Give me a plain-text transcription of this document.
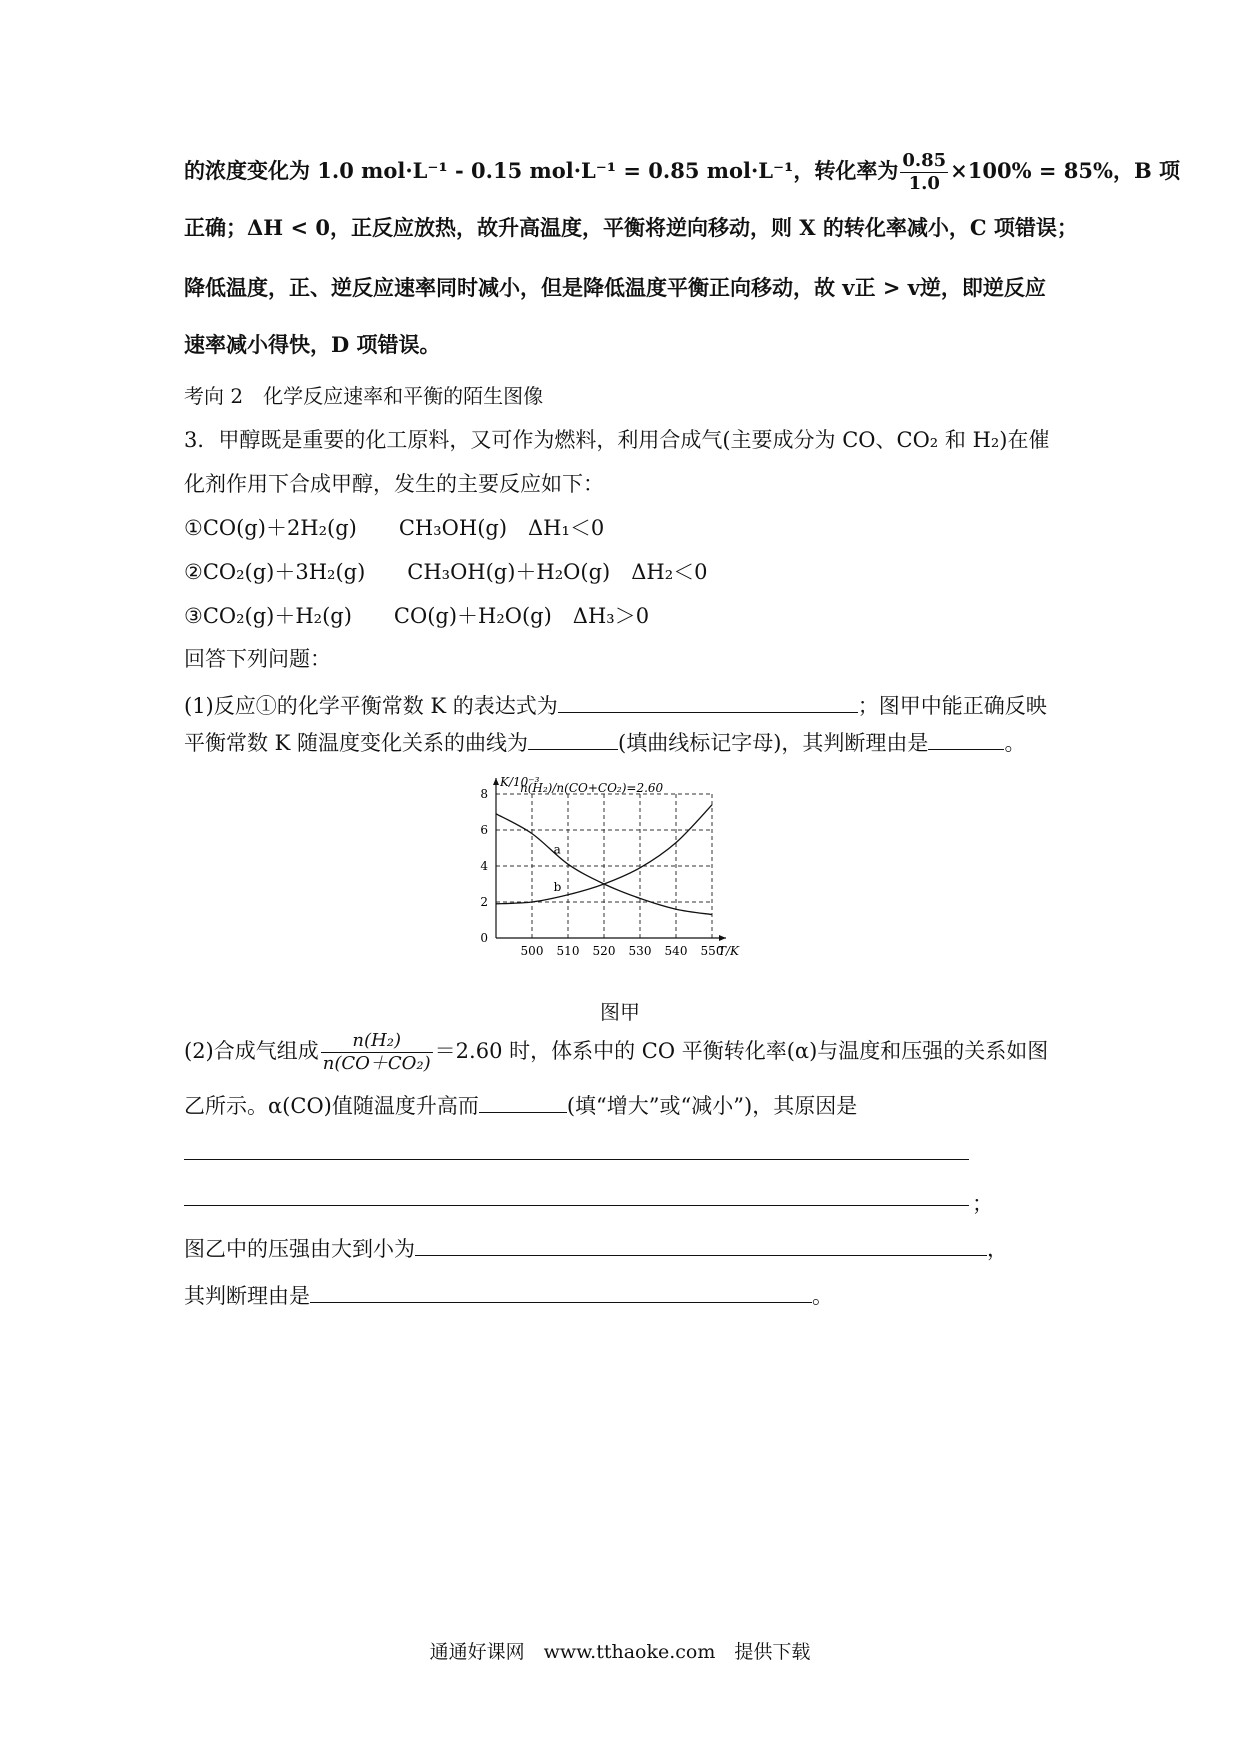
的浓度变化为 1.0 mol·L⁻¹ - 0.15 mol·L⁻¹ = 0.85 mol·L⁻¹，转化率为 $\frac{0.85}{1.0} \times 100\% = 85\%$，B 项
正确；ΔH < 0，正反应放热，故升高温度，平衡将逆向移动，则 X 的转化率减小，C 项错误；
降低温度，正、逆反应速率同时减小，但是降低温度平衡正向移动，故 v正 > v逆，即逆反应
速率减小得快，D 项错误。
考向 2　化学反应速率和平衡的陌生图像
3．甲醇既是重要的化工原料，又可作为燃料，利用合成气(主要成分为 CO、CO₂ 和 H₂)在催
化剂作用下合成甲醇，发生的主要反应如下：
①CO(g)＋2H₂(g)　　CH₃OH(g)　ΔH₁＜0
②CO₂(g)＋3H₂(g)　　CH₃OH(g)＋H₂O(g)　ΔH₂＜0
③CO₂(g)＋H₂(g)　　CO(g)＋H₂O(g)　ΔH₃＞0
回答下列问题：
(1)反应①的化学平衡常数 K 的表达式为	；图甲中能正确反映
平衡常数 K 随温度变化关系的曲线为	(填曲线标记字母)，其判断理由是	。
500 510 520 530 540 550
0
2
4
6
8
K/10⁻³
T/K
n(H₂)/n(CO+CO₂)=2.60
a
b
图甲
(2)合成气组成 $\frac{\text{n(H₂)}}{\text{n(CO＋CO₂)}} =2.60$ 时，体系中的 CO 平衡转化率(α)与温度和压强的关系如图
乙所示。α(CO)值随温度升高而	(填“增大”或“减小”)，其原因是
；
图乙中的压强由大到小为	，
其判断理由是	。
通通好课网　www.tthaoke.com　提供下载
